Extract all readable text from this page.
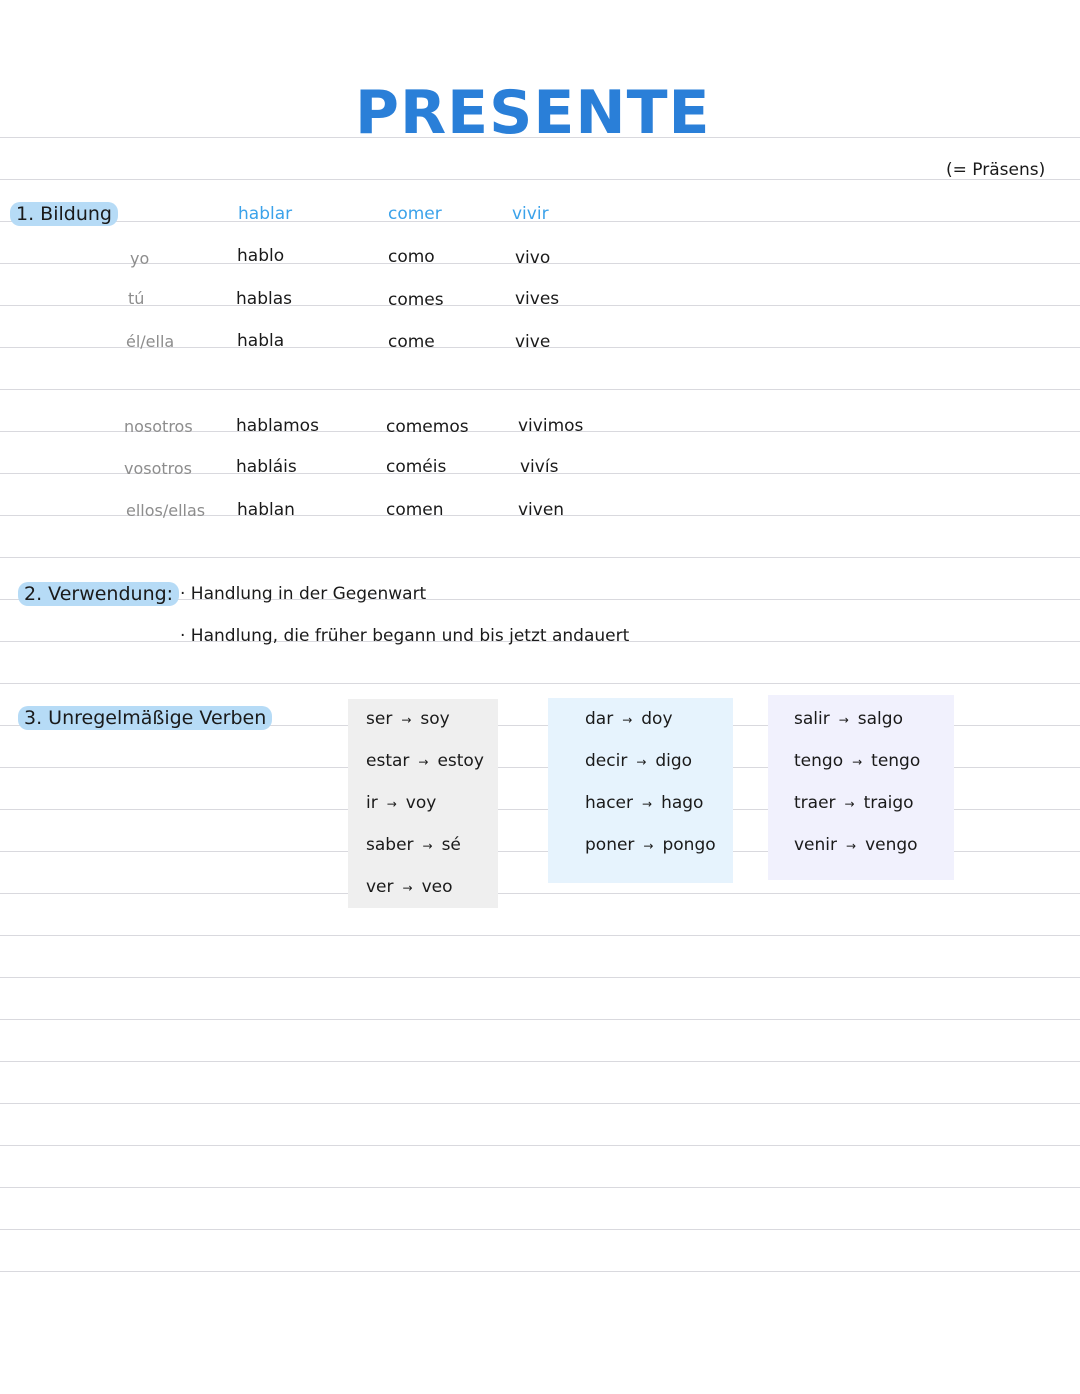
PRESENTE
(= Präsens)
1. Bildung	hablar	comer	vivir
yo	hablo	como	vivo
tú	hablas	comes	vives
él/ella	habla	come	vive
nosotros	hablamos	comemos	vivimos
vosotros	habláis	coméis	vivís
ellos/ellas hablan	comen	viven
2. Verwendung: · Handlung in der Gegenwart
· Handlung, die früher begann und bis jetzt andauert
3. Unregelmäßige Verben	ser → soy
estar → estoy
ir → voy
saber → sé
ver → veo
dar → doy
decir → digo
hacer → hago
poner → pongo
salir → salgo
tengo → tengo
traer → traigo
venir → vengo
